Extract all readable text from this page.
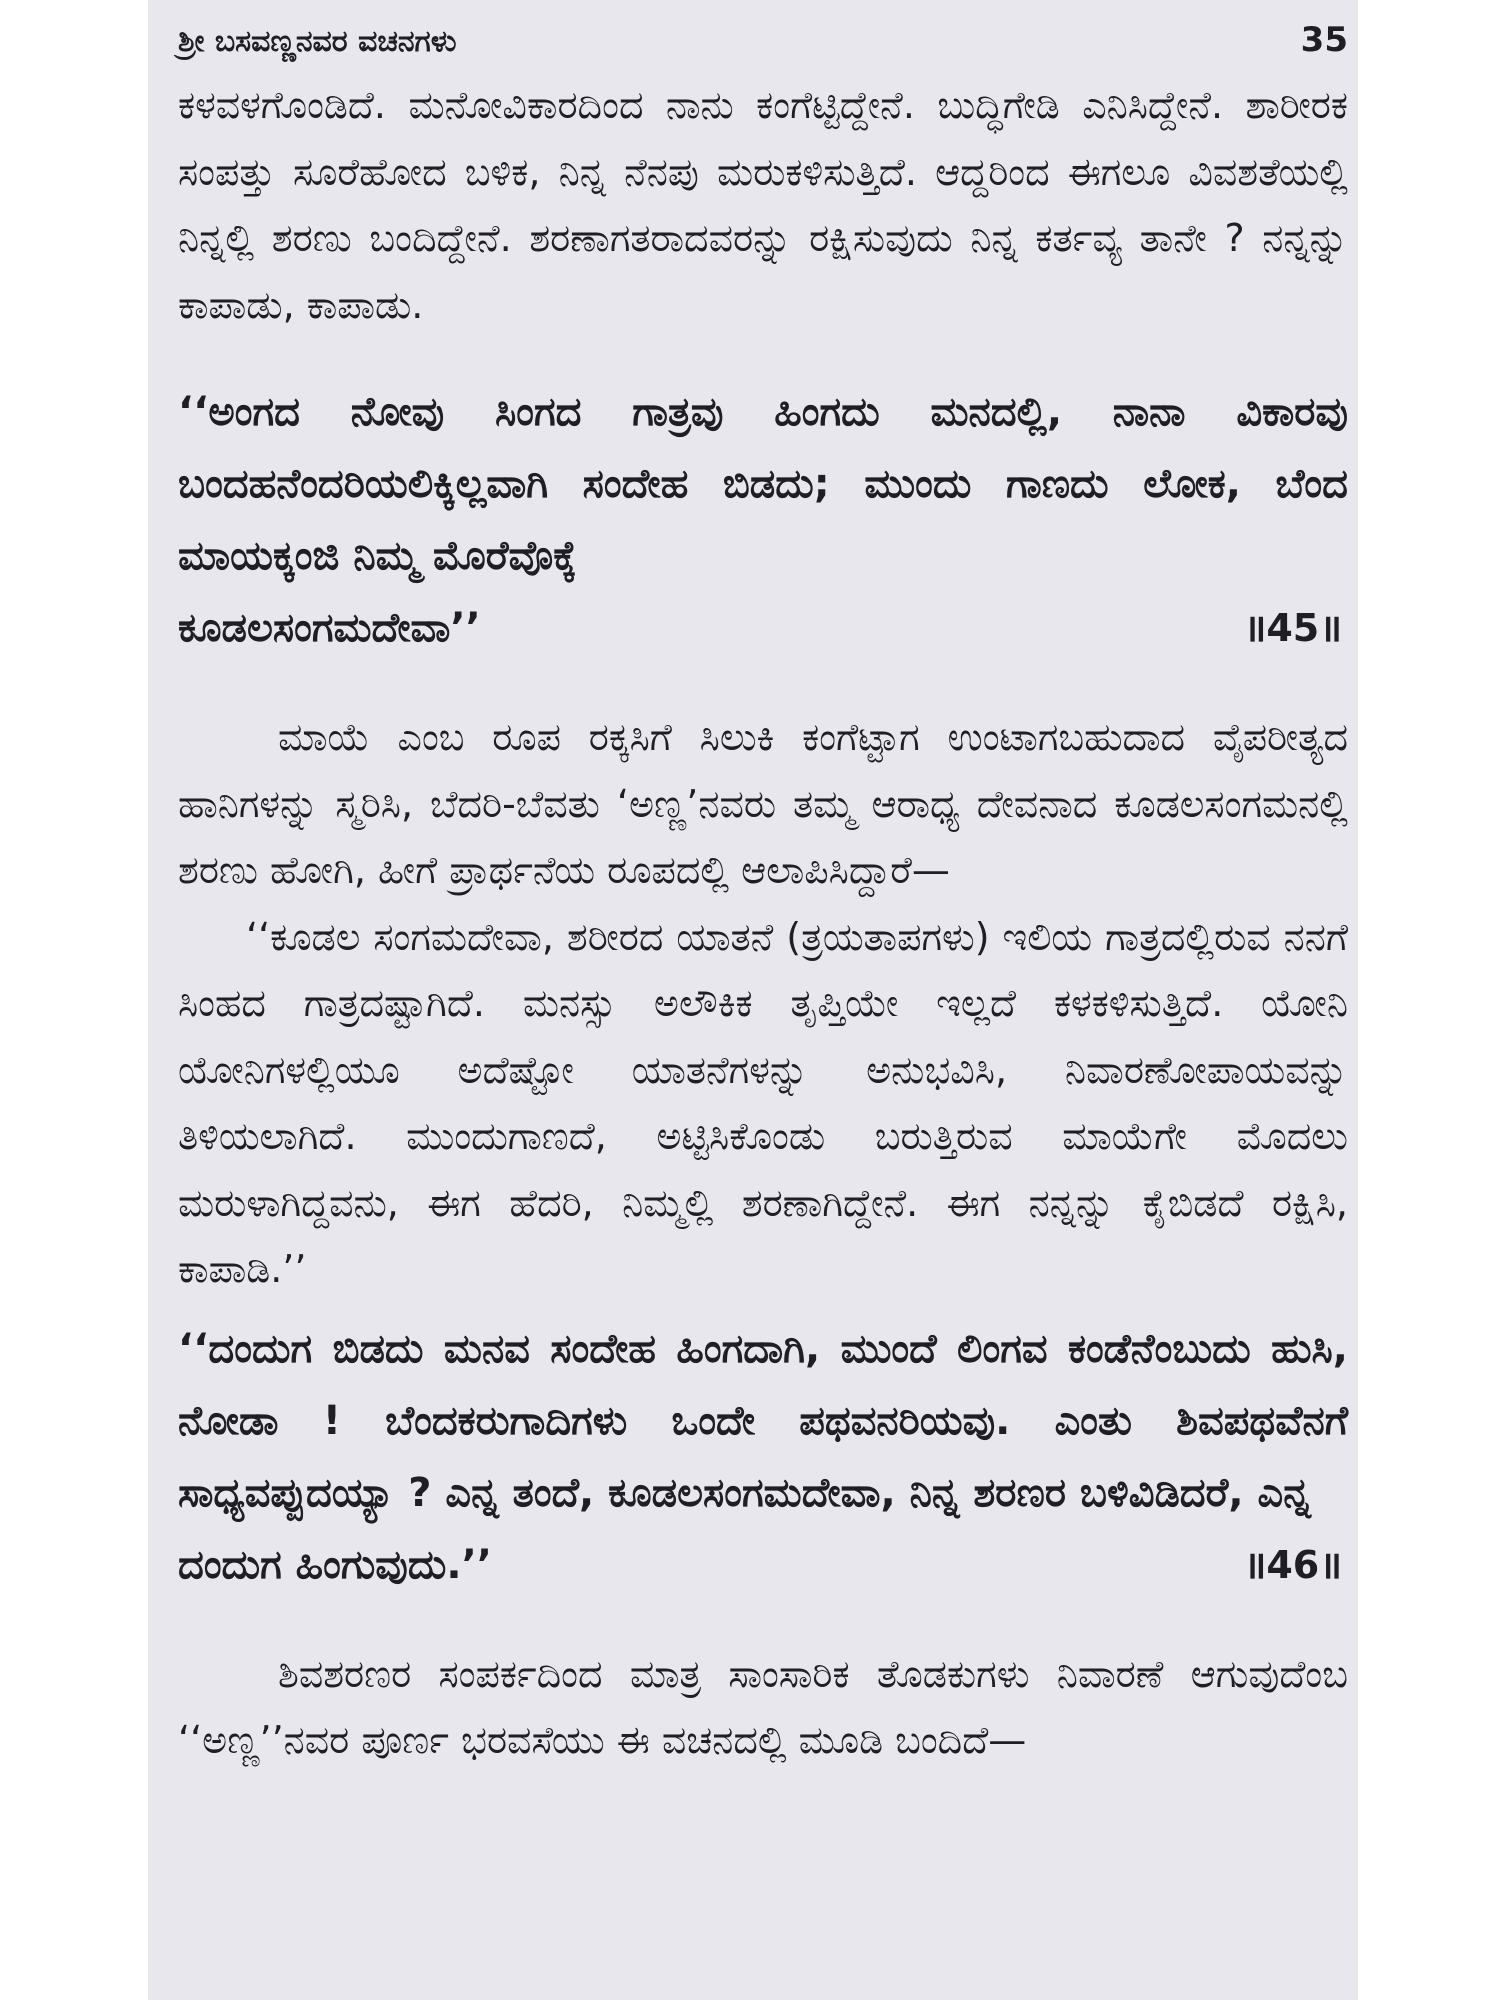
ಶ್ರೀ ಬಸವಣ್ಣನವರ ವಚನಗಳು	35

ಕಳವಳಗೊಂಡಿದೆ. ಮನೋವಿಕಾರದಿಂದ ನಾನು ಕಂಗೆಟ್ಟಿದ್ದೇನೆ. ಬುದ್ಧಿಗೇಡಿ ಎನಿಸಿದ್ದೇನೆ. ಶಾರೀರಕ ಸಂಪತ್ತು ಸೂರೆಹೋದ ಬಳಿಕ, ನಿನ್ನ ನೆನಪು ಮರುಕಳಿಸುತ್ತಿದೆ. ಆದ್ದರಿಂದ ಈಗಲೂ ವಿವಶತೆಯಲ್ಲಿ ನಿನ್ನಲ್ಲಿ ಶರಣು ಬಂದಿದ್ದೇನೆ. ಶರಣಾಗತರಾದವರನ್ನು ರಕ್ಷಿಸುವುದು ನಿನ್ನ ಕರ್ತವ್ಯ ತಾನೇ ? ನನ್ನನ್ನು ಕಾಪಾಡು, ಕಾಪಾಡು.

‘‘ಅಂಗದ ನೋವು ಸಿಂಗದ ಗಾತ್ರವು ಹಿಂಗದು ಮನದಲ್ಲಿ, ನಾನಾ ವಿಕಾರವು ಬಂದಹನೆಂದರಿಯಲಿಕ್ಕಿಲ್ಲವಾಗಿ ಸಂದೇಹ ಬಿಡದು; ಮುಂದು ಗಾಣದು ಲೋಕ, ಬೆಂದ ಮಾಯಕ್ಕಂಜಿ ನಿಮ್ಮ ಮೊರೆವೊಕ್ಕೆ

ಕೂಡಲಸಂಗಮದೇವಾ’’	॥45॥

ಮಾಯೆ ಎಂಬ ರೂಪ ರಕ್ಕಸಿಗೆ ಸಿಲುಕಿ ಕಂಗೆಟ್ಟಾಗ ಉಂಟಾಗಬಹುದಾದ ವೈಪರೀತ್ಯದ ಹಾನಿಗಳನ್ನು ಸ್ಮರಿಸಿ, ಬೆದರಿ-ಬೆವತು ‘ಅಣ್ಣ’ನವರು ತಮ್ಮ ಆರಾಧ್ಯ ದೇವನಾದ ಕೂಡಲಸಂಗಮನಲ್ಲಿ ಶರಣು ಹೋಗಿ, ಹೀಗೆ ಪ್ರಾರ್ಥನೆಯ ರೂಪದಲ್ಲಿ ಆಲಾಪಿಸಿದ್ದಾರೆ—

‘‘ಕೂಡಲ ಸಂಗಮದೇವಾ, ಶರೀರದ ಯಾತನೆ (ತ್ರಯತಾಪಗಳು) ಇಲಿಯ ಗಾತ್ರದಲ್ಲಿರುವ ನನಗೆ ಸಿಂಹದ ಗಾತ್ರದಷ್ಟಾಗಿದೆ. ಮನಸ್ಸು ಅಲೌಕಿಕ ತೃಪ್ತಿಯೇ ಇಲ್ಲದೆ ಕಳಕಳಿಸುತ್ತಿದೆ. ಯೋನಿ ಯೋನಿಗಳಲ್ಲಿಯೂ ಅದೆಷ್ಟೋ ಯಾತನೆಗಳನ್ನು ಅನುಭವಿಸಿ, ನಿವಾರಣೋಪಾಯವನ್ನು ತಿಳಿಯಲಾಗಿದೆ. ಮುಂದುಗಾಣದೆ, ಅಟ್ಟಿಸಿಕೊಂಡು ಬರುತ್ತಿರುವ ಮಾಯೆಗೇ ಮೊದಲು ಮರುಳಾಗಿದ್ದವನು, ಈಗ ಹೆದರಿ, ನಿಮ್ಮಲ್ಲಿ ಶರಣಾಗಿದ್ದೇನೆ. ಈಗ ನನ್ನನ್ನು ಕೈಬಿಡದೆ ರಕ್ಷಿಸಿ, ಕಾಪಾಡಿ.’’

‘‘ದಂದುಗ ಬಿಡದು ಮನವ ಸಂದೇಹ ಹಿಂಗದಾಗಿ, ಮುಂದೆ ಲಿಂಗವ ಕಂಡೆನೆಂಬುದು ಹುಸಿ, ನೋಡಾ ! ಬೆಂದಕರುಗಾದಿಗಳು ಒಂದೇ ಪಥವನರಿಯವು. ಎಂತು ಶಿವಪಥವೆನಗೆ ಸಾಧ್ಯವಪ್ಪುದಯ್ಯಾ ? ಎನ್ನ ತಂದೆ, ಕೂಡಲಸಂಗಮದೇವಾ, ನಿನ್ನ ಶರಣರ ಬಳಿವಿಡಿದರೆ, ಎನ್ನ

ದಂದುಗ ಹಿಂಗುವುದು.’’	॥46॥

ಶಿವಶರಣರ ಸಂಪರ್ಕದಿಂದ ಮಾತ್ರ ಸಾಂಸಾರಿಕ ತೊಡಕುಗಳು ನಿವಾರಣೆ ಆಗುವುದೆಂಬ ‘‘ಅಣ್ಣ’’ನವರ ಪೂರ್ಣ ಭರವಸೆಯು ಈ ವಚನದಲ್ಲಿ ಮೂಡಿ ಬಂದಿದೆ—
